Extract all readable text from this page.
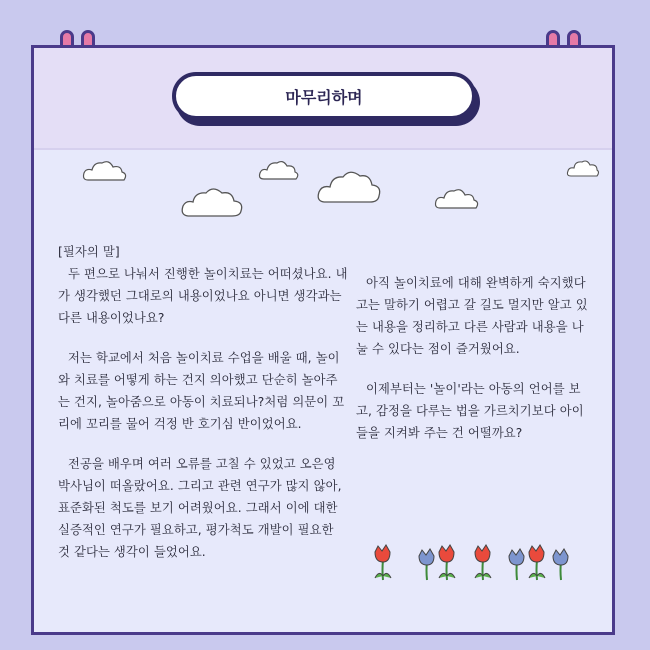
마무리하며
[필자의 말]

두 편으로 나눠서 진행한 놀이치료는 어떠셨나요. 내가 생각했던 그대로의 내용이었나요 아니면 생각과는 다른 내용이었나요?

저는 학교에서 처음 놀이치료 수업을 배울 때, 놀이와 치료를 어떻게 하는 건지 의아했고 단순히 놀아주는 건지, 놀아줌으로 아동이 치료되나?처럼 의문이 꼬리에 꼬리를 물어 걱정 반 호기심 반이었어요.

전공을 배우며 여러 오류를 고칠 수 있었고 오은영 박사님이 떠올랐어요. 그리고 관련 연구가 많지 않아, 표준화된 척도를 보기 어려웠어요. 그래서 이에 대한 실증적인 연구가 필요하고, 평가척도 개발이 필요한 것 같다는 생각이 들었어요.

아직 놀이치료에 대해 완벽하게 숙지했다고는 말하기 어렵고 갈 길도 멀지만 알고 있는 내용을 정리하고 다른 사람과 내용을 나눌 수 있다는 점이 즐거웠어요.

이제부터는 '놀이'라는 아동의 언어를 보고, 감정을 다루는 법을 가르치기보다 아이들을 지켜봐 주는 건 어떨까요?
